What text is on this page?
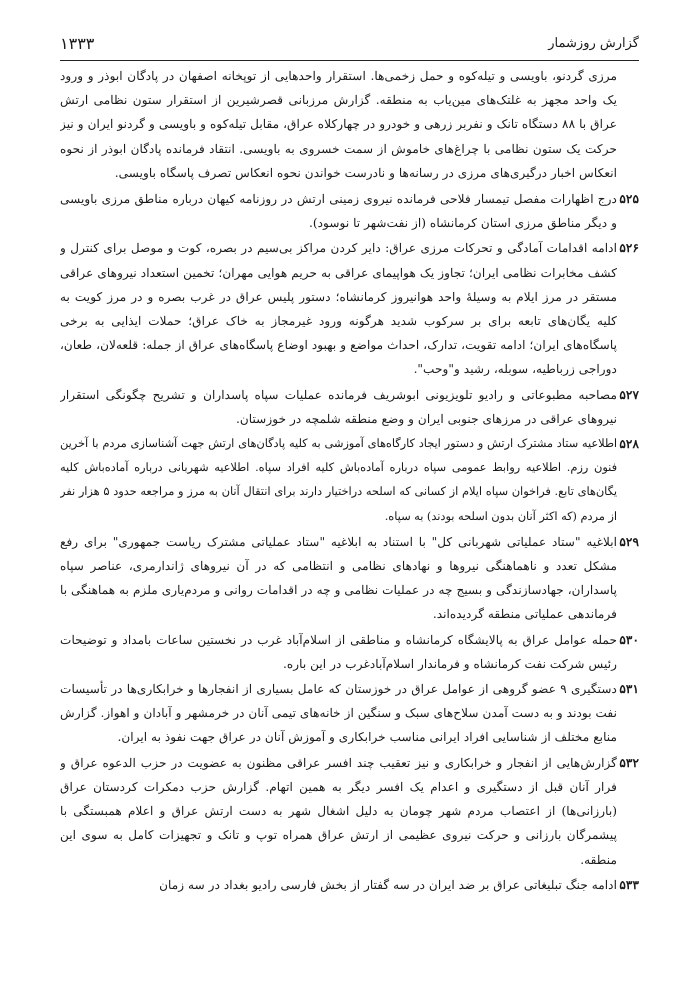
گزارش روزشمار
۱۳۳۳

مرزی گردنو، باویسی و تیله‌کوه و حمل زخمی‌ها. استقرار واحدهایی از توپخانه اصفهان در پادگان ابوذر و ورود یک واحد مجهز به غلتک‌های مین‌یاب به منطقه. گزارش مرزبانی قصرشیرین از استقرار ستون نظامی ارتش عراق با ۸۸ دستگاه تانک و نفربر زرهی و خودرو در چهارکلاه عراق، مقابل تیله‌کوه و باویسی و گردنو ایران و نیز حرکت یک ستون نظامی با چراغ‌های خاموش از سمت خسروی به باویسی. انتقاد فرمانده پادگان ابوذر از نحوه انعکاس اخبار درگیری‌های مرزی در رسانه‌ها و نادرست خواندن نحوه انعکاس تصرف پاسگاه باویسی.

۵۲۵
درج اظهارات مفصل تیمسار فلاحی فرمانده نیروی زمینی ارتش در روزنامه کیهان درباره مناطق مرزی باویسی و دیگر مناطق مرزی استان کرمانشاه (از نفت‌شهر تا نوسود).
۵۲۶
ادامه اقدامات آمادگی و تحرکات مرزی عراق: دایر کردن مراکز بی‌سیم در بصره، کوت و موصل برای کنترل و کشف مخابرات نظامی ایران؛ تجاوز یک هواپیمای عراقی به حریم هوایی مهران؛ تخمین استعداد نیروهای عراقی مستقر در مرز ایلام به وسیلهٔ واحد هوانیروز کرمانشاه؛ دستور پلیس عراق در غرب بصره و در مرز کویت به کلیه یگان‌های تابعه برای بر سرکوب شدید هرگونه ورود غیرمجاز به خاک عراق؛ حملات ایذایی به برخی پاسگاه‌های ایران؛ ادامه تقویت، تدارک، احداث مواضع و بهبود اوضاع پاسگاه‌های عراق از جمله: قلعه‌لان، طعان، دوراجی زرباطیه، سوبله، رشید و"وحب".
۵۲۷
مصاحبه مطبوعاتی و رادیو تلویزیونی ابوشریف فرمانده عملیات سپاه پاسداران و تشریح چگونگی استقرار نیروهای عراقی در مرزهای جنوبی ایران و وضع منطقه شلمچه در خوزستان.
۵۲۸
اطلاعیه ستاد مشترک ارتش و دستور ایجاد کارگاه‌های آموزشی به کلیه پادگان‌های ارتش جهت آشناسازی مردم با آخرین فنون رزم. اطلاعیه روابط عمومی سپاه درباره آماده‌باش کلیه افراد سپاه. اطلاعیه شهربانی درباره آماده‌باش کلیه یگان‌های تابع. فراخوان سپاه ایلام از کسانی که اسلحه دراختیار دارند برای انتقال آنان به مرز و مراجعه حدود ۵ هزار نفر از مردم (که اکثر آنان بدون اسلحه بودند) به سپاه.
۵۲۹
ابلاغیه "ستاد عملیاتی شهربانی کل" با استناد به ابلاغیه "ستاد عملیاتی مشترک ریاست جمهوری" برای رفع مشکل تعدد و ناهماهنگی نیروها و نهادهای نظامی و انتظامی که در آن نیروهای ژاندارمری، عناصر سپاه پاسداران، جهادسازندگی و بسیج چه در عملیات نظامی و چه در اقدامات روانی و مردم‌یاری ملزم به هماهنگی با فرماندهی عملیاتی منطقه گردیده‌اند.
۵۳۰
حمله عوامل عراق به پالایشگاه کرمانشاه و مناطقی از اسلام‌آباد غرب در نخستین ساعات بامداد و توضیحات رئیس شرکت نفت کرمانشاه و فرماندار اسلام‌آبادغرب در این باره.
۵۳۱
دستگیری ۹ عضو گروهی از عوامل عراق در خوزستان که عامل بسیاری از انفجارها و خرابکاری‌ها در تأسیسات نفت بودند و به دست آمدن سلاح‌های سبک و سنگین از خانه‌های تیمی آنان در خرمشهر و آبادان و اهواز. گزارش منابع مختلف از شناسایی افراد ایرانی مناسب خرابکاری و آموزش آنان در عراق جهت نفوذ به ایران.
۵۳۲
گزارش‌هایی از انفجار و خرابکاری و نیز تعقیب چند افسر عراقی مظنون به عضویت در حزب الدعوه عراق و فرار آنان قبل از دستگیری و اعدام یک افسر دیگر به همین اتهام. گزارش حزب دمکرات کردستان عراق (بارزانی‌ها) از اعتصاب مردم شهر چومان به دلیل اشغال شهر به دست ارتش عراق و اعلام همبستگی با پیشمرگان بارزانی و حرکت نیروی عظیمی از ارتش عراق همراه توپ و تانک و تجهیزات کامل به سوی این منطقه.
۵۳۳
ادامه جنگ تبلیغاتی عراق بر ضد ایران در سه گفتار از بخش فارسی رادیو بغداد در سه زمان
